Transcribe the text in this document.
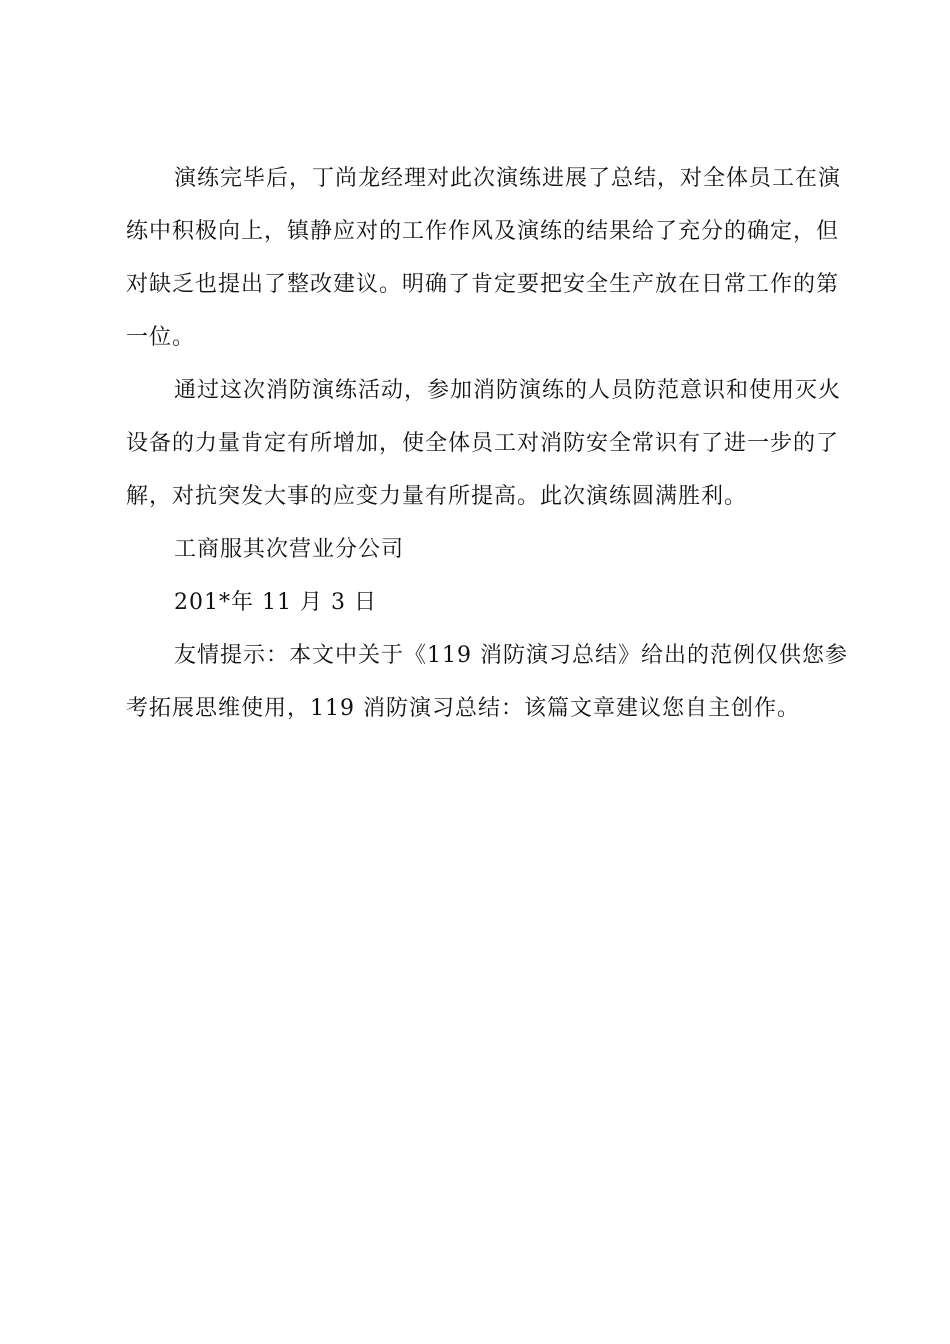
演练完毕后，丁尚龙经理对此次演练进展了总结，对全体员工在演
练中积极向上，镇静应对的工作作风及演练的结果给了充分的确定，但
对缺乏也提出了整改建议。明确了肯定要把安全生产放在日常工作的第
一位。

通过这次消防演练活动，参加消防演练的人员防范意识和使用灭火
设备的力量肯定有所增加，使全体员工对消防安全常识有了进一步的了
解，对抗突发大事的应变力量有所提高。此次演练圆满胜利。

工商服其次营业分公司

201*年 11 月 3 日

友情提示：本文中关于《119 消防演习总结》给出的范例仅供您参
考拓展思维使用，119 消防演习总结：该篇文章建议您自主创作。
